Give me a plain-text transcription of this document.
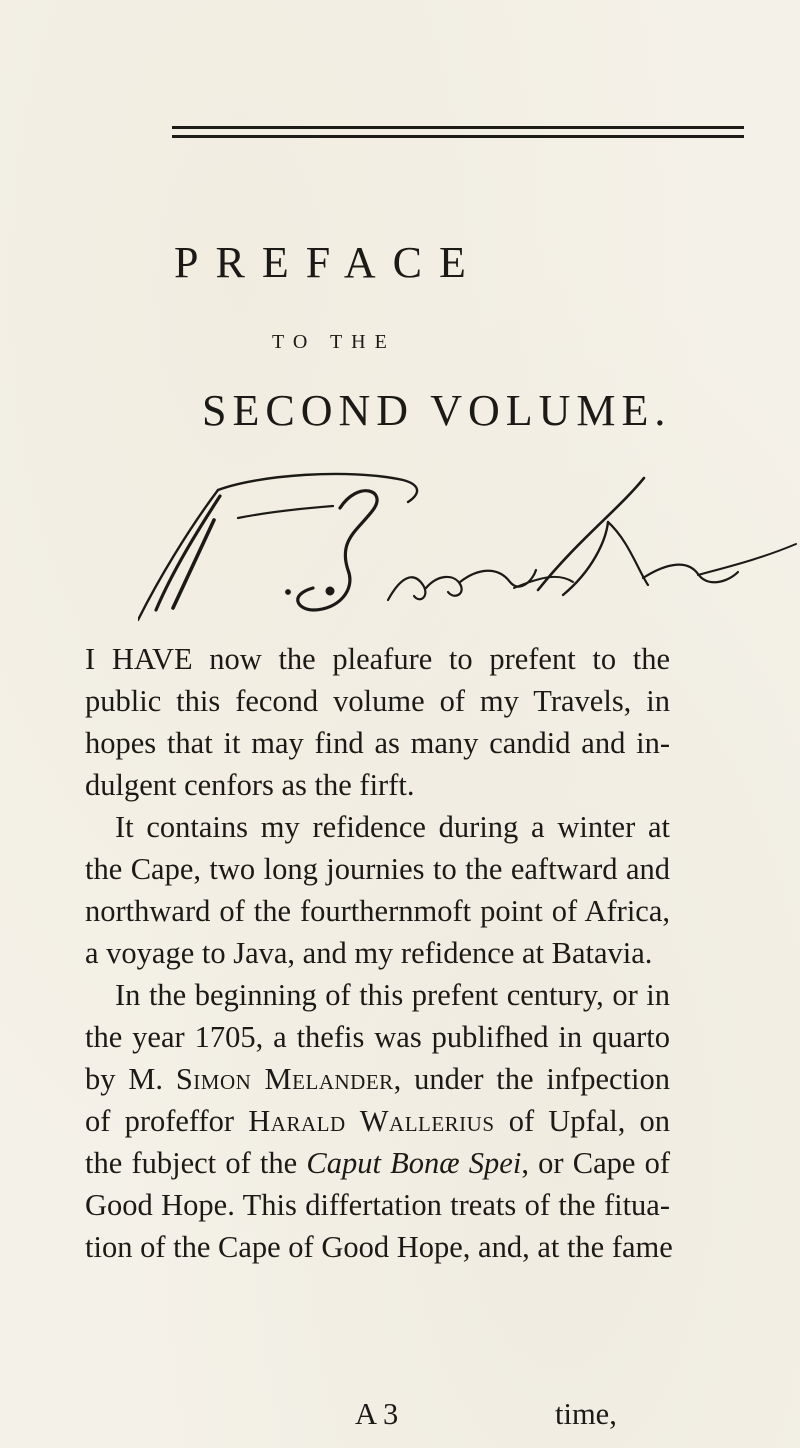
PREFACE
TO THE
SECOND VOLUME.
I HAVE now the pleafure to prefent to the
public this fecond volume of my Travels, in
hopes that it may find as many candid and in-
dulgent cenfors as the firft.
It contains my refidence during a winter at
the Cape, two long journies to the eaftward and
northward of the fourthernmoft point of Africa,
a voyage to Java, and my refidence at Batavia.
In the beginning of this prefent century, or in
the year 1705, a thefis was publifhed in quarto
by M. Simon Melander, under the infpection
of profeffor Harald Wallerius of Upfal, on
the fubject of the Caput Bonæ Spei, or Cape of
Good Hope. This differtation treats of the fitua-
tion of the Cape of Good Hope, and, at the fame
A 3	time,
